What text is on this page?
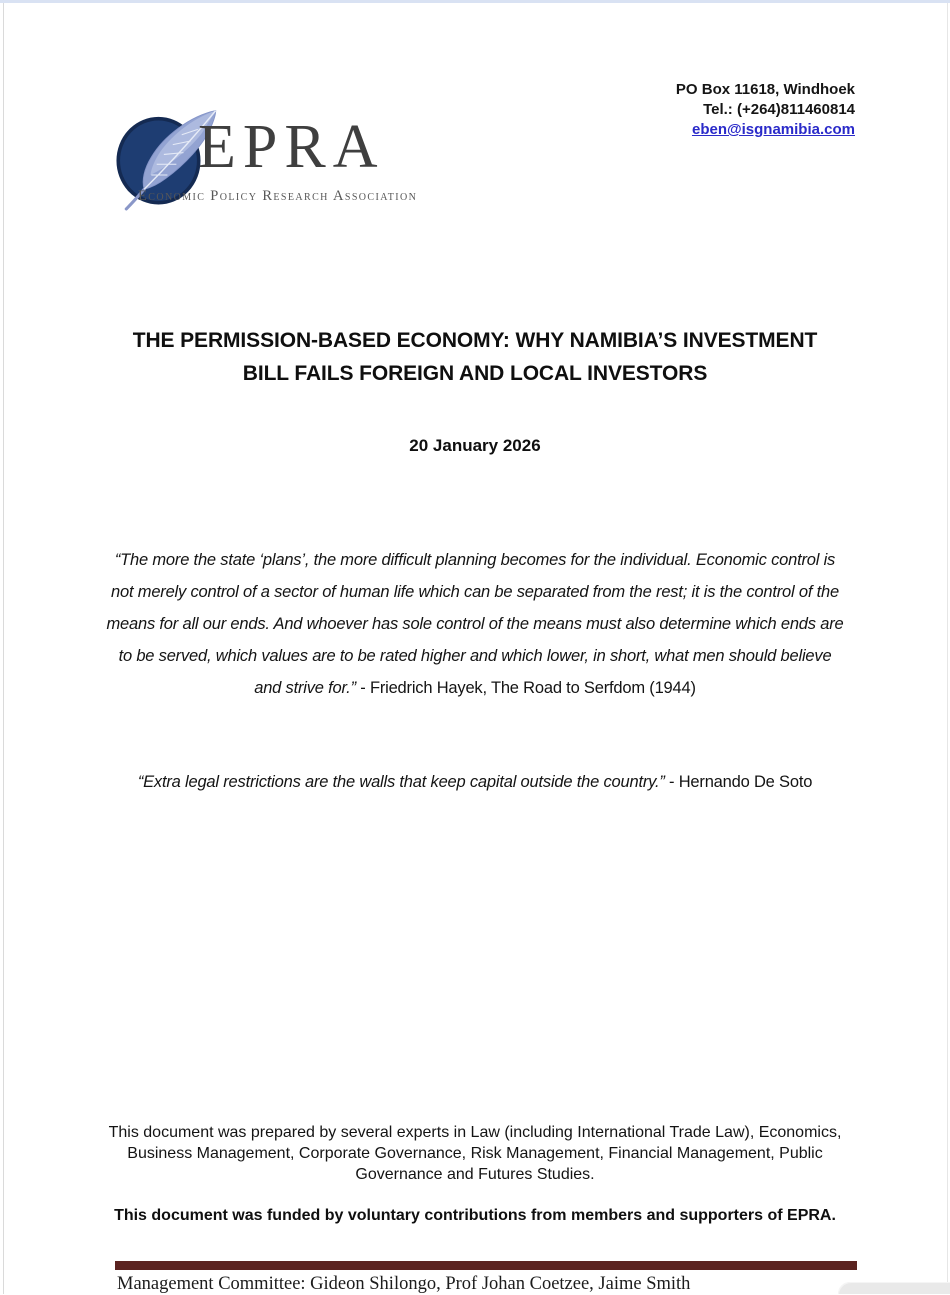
PO Box 11618, Windhoek
Tel.: (+264)811460814
eben@isgnamibia.com
EPRA
Economic Policy Research Association
THE PERMISSION-BASED ECONOMY: WHY NAMIBIA’S INVESTMENT
BILL FAILS FOREIGN AND LOCAL INVESTORS
20 January 2026
“The more the state ‘plans’, the more difficult planning becomes for the individual. Economic control is
not merely control of a sector of human life which can be separated from the rest; it is the control of the
means for all our ends. And whoever has sole control of the means must also determine which ends are
to be served, which values are to be rated higher and which lower, in short, what men should believe
and strive for.” - Friedrich Hayek, The Road to Serfdom (1944)
“Extra legal restrictions are the walls that keep capital outside the country.” - Hernando De Soto
This document was prepared by several experts in Law (including International Trade Law), Economics,
Business Management, Corporate Governance, Risk Management, Financial Management, Public
Governance and Futures Studies.
This document was funded by voluntary contributions from members and supporters of EPRA.
Management Committee: Gideon Shilongo, Prof Johan Coetzee, Jaime Smith
